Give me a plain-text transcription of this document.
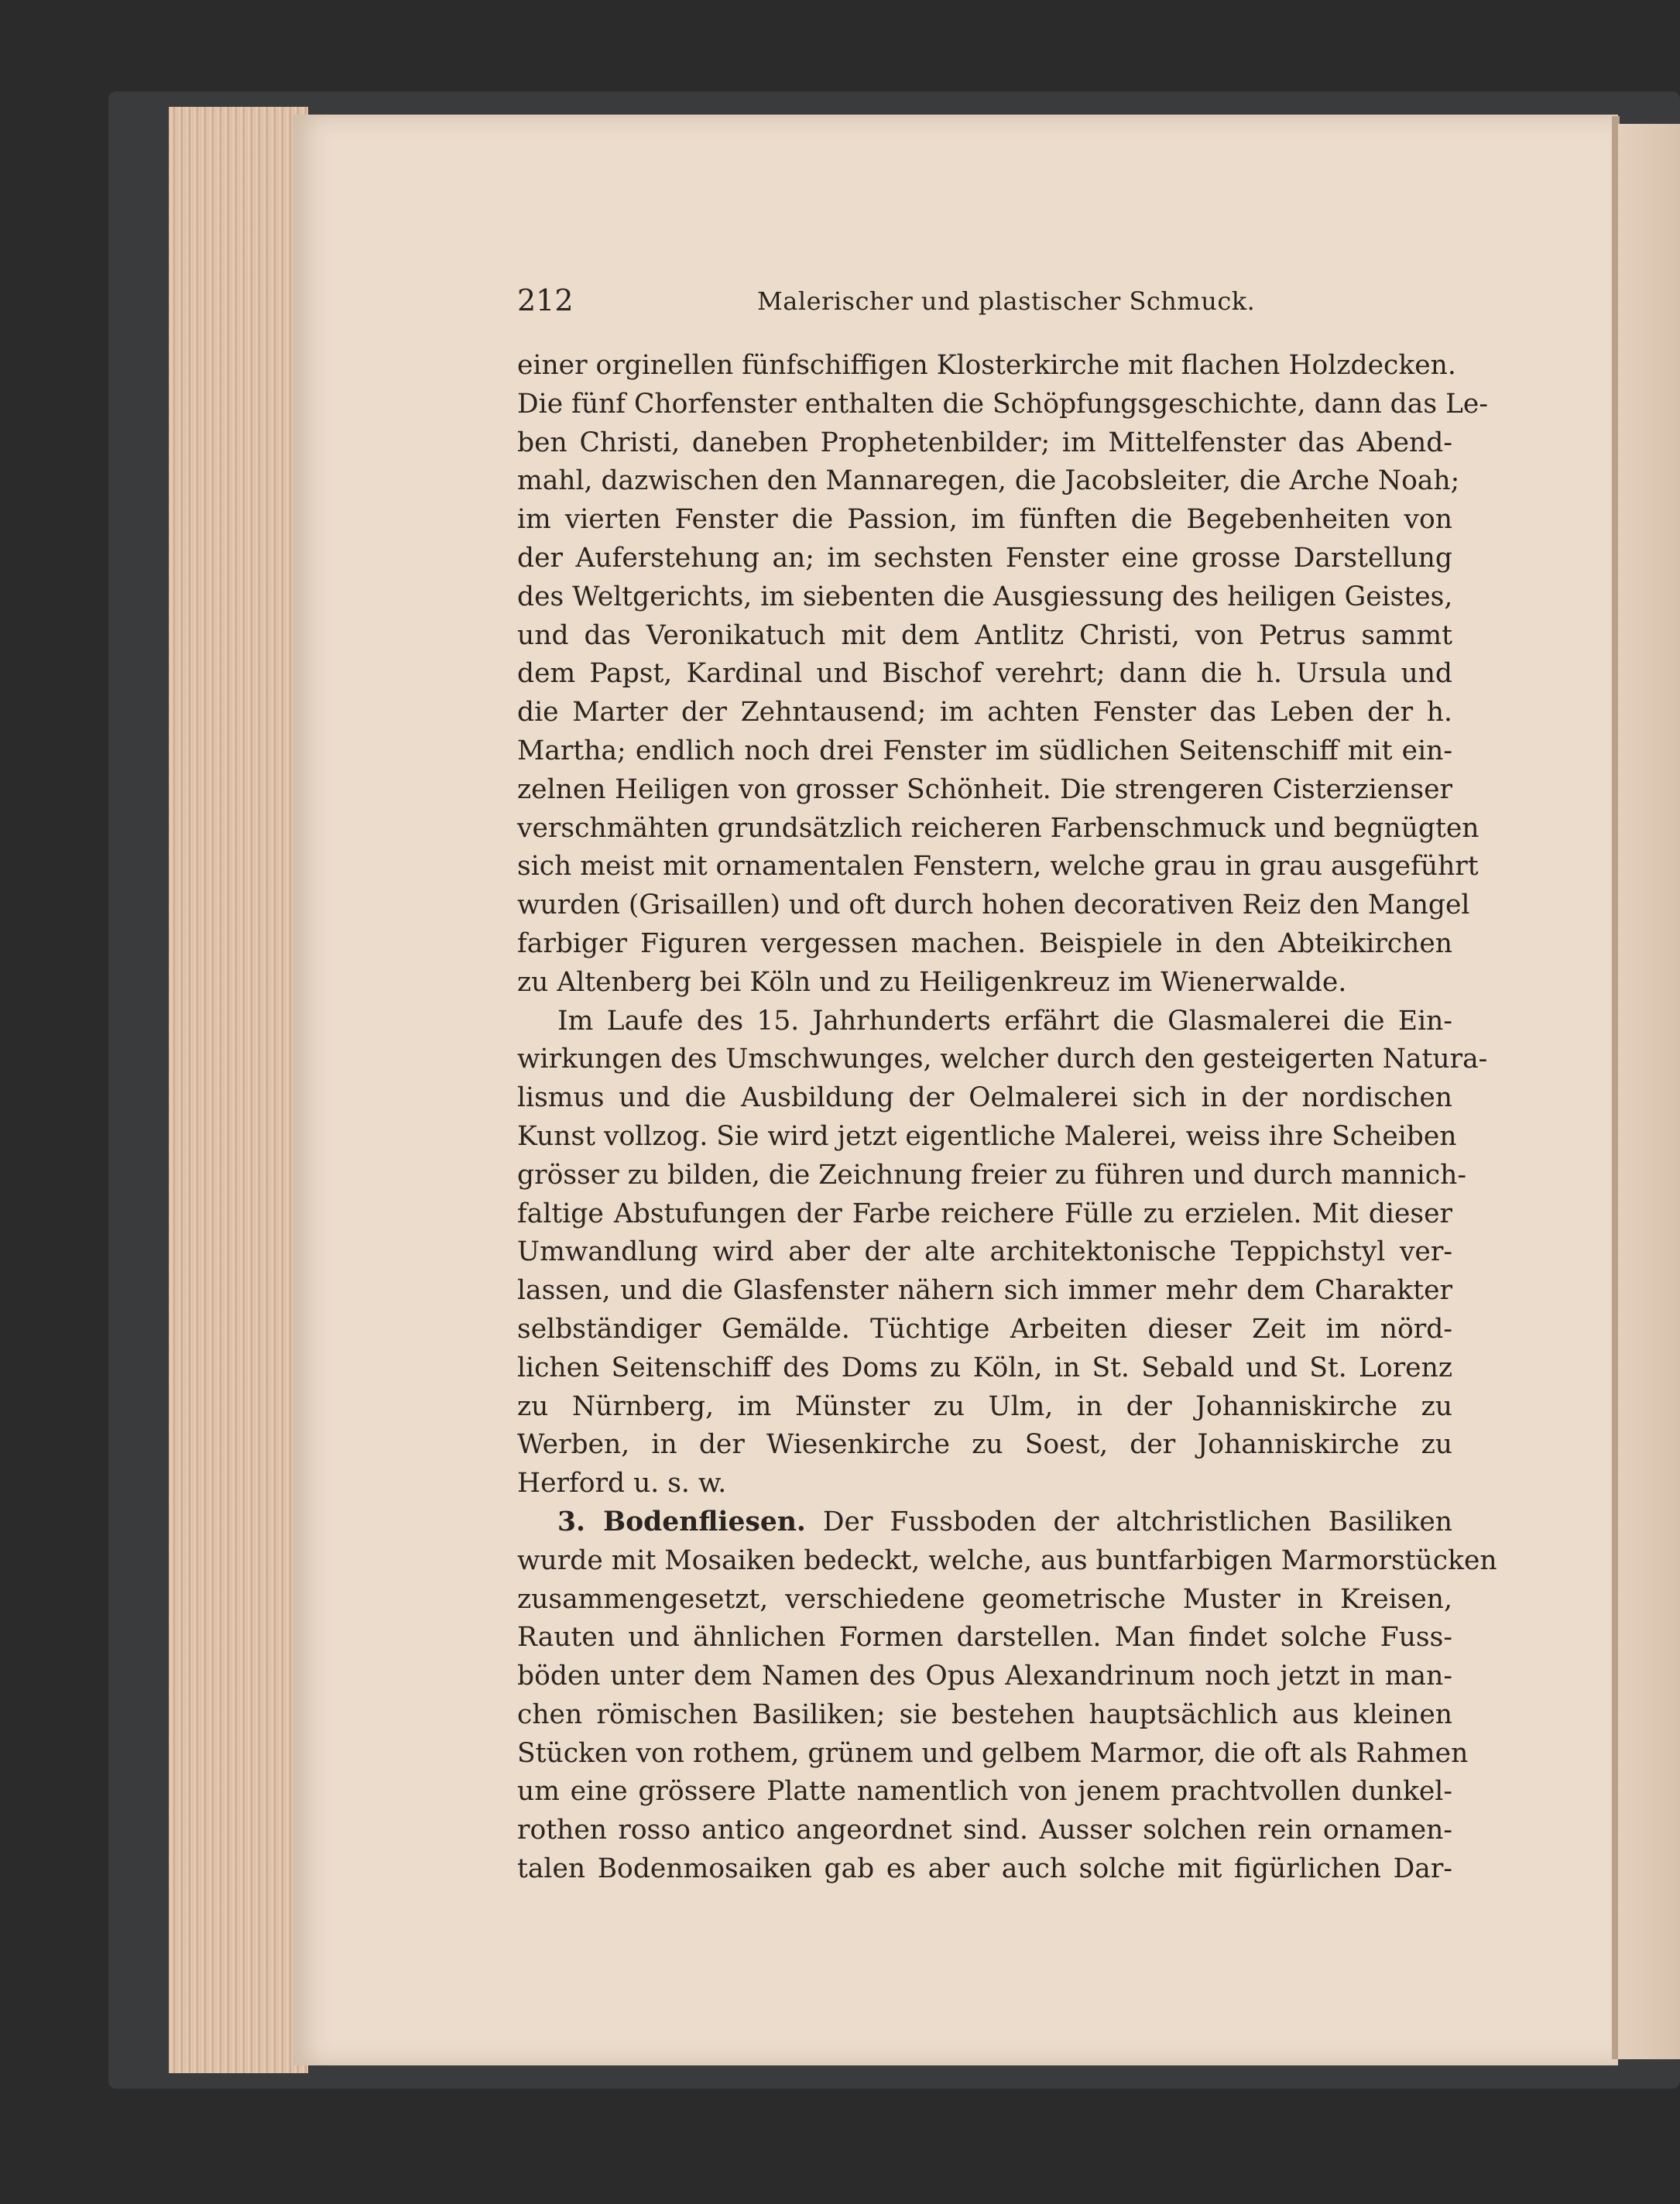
212	Malerischer und plastischer Schmuck.
einer orginellen fünfschiffigen Klosterkirche mit flachen Holzdecken.
Die fünf Chorfenster enthalten die Schöpfungsgeschichte, dann das Le-
ben Christi, daneben Prophetenbilder; im Mittelfenster das Abend-
mahl, dazwischen den Mannaregen, die Jacobsleiter, die Arche Noah;
im vierten Fenster die Passion, im fünften die Begebenheiten von
der Auferstehung an; im sechsten Fenster eine grosse Darstellung
des Weltgerichts, im siebenten die Ausgiessung des heiligen Geistes,
und das Veronikatuch mit dem Antlitz Christi, von Petrus sammt
dem Papst, Kardinal und Bischof verehrt; dann die h. Ursula und
die Marter der Zehntausend; im achten Fenster das Leben der h.
Martha; endlich noch drei Fenster im südlichen Seitenschiff mit ein-
zelnen Heiligen von grosser Schönheit. Die strengeren Cisterzienser
verschmähten grundsätzlich reicheren Farbenschmuck und begnügten
sich meist mit ornamentalen Fenstern, welche grau in grau ausgeführt
wurden (Grisaillen) und oft durch hohen decorativen Reiz den Mangel
farbiger Figuren vergessen machen. Beispiele in den Abteikirchen
zu Altenberg bei Köln und zu Heiligenkreuz im Wienerwalde.
Im Laufe des 15. Jahrhunderts erfährt die Glasmalerei die Ein-
wirkungen des Umschwunges, welcher durch den gesteigerten Natura-
lismus und die Ausbildung der Oelmalerei sich in der nordischen
Kunst vollzog. Sie wird jetzt eigentliche Malerei, weiss ihre Scheiben
grösser zu bilden, die Zeichnung freier zu führen und durch mannich-
faltige Abstufungen der Farbe reichere Fülle zu erzielen. Mit dieser
Umwandlung wird aber der alte architektonische Teppichstyl ver-
lassen, und die Glasfenster nähern sich immer mehr dem Charakter
selbständiger Gemälde. Tüchtige Arbeiten dieser Zeit im nörd-
lichen Seitenschiff des Doms zu Köln, in St. Sebald und St. Lorenz
zu Nürnberg, im Münster zu Ulm, in der Johanniskirche zu
Werben, in der Wiesenkirche zu Soest, der Johanniskirche zu
Herford u. s. w.
3. Bodenfliesen. Der Fussboden der altchristlichen Basiliken
wurde mit Mosaiken bedeckt, welche, aus buntfarbigen Marmorstücken
zusammengesetzt, verschiedene geometrische Muster in Kreisen,
Rauten und ähnlichen Formen darstellen. Man findet solche Fuss-
böden unter dem Namen des Opus Alexandrinum noch jetzt in man-
chen römischen Basiliken; sie bestehen hauptsächlich aus kleinen
Stücken von rothem, grünem und gelbem Marmor, die oft als Rahmen
um eine grössere Platte namentlich von jenem prachtvollen dunkel-
rothen rosso antico angeordnet sind. Ausser solchen rein ornamen-
talen Bodenmosaiken gab es aber auch solche mit figürlichen Dar-
